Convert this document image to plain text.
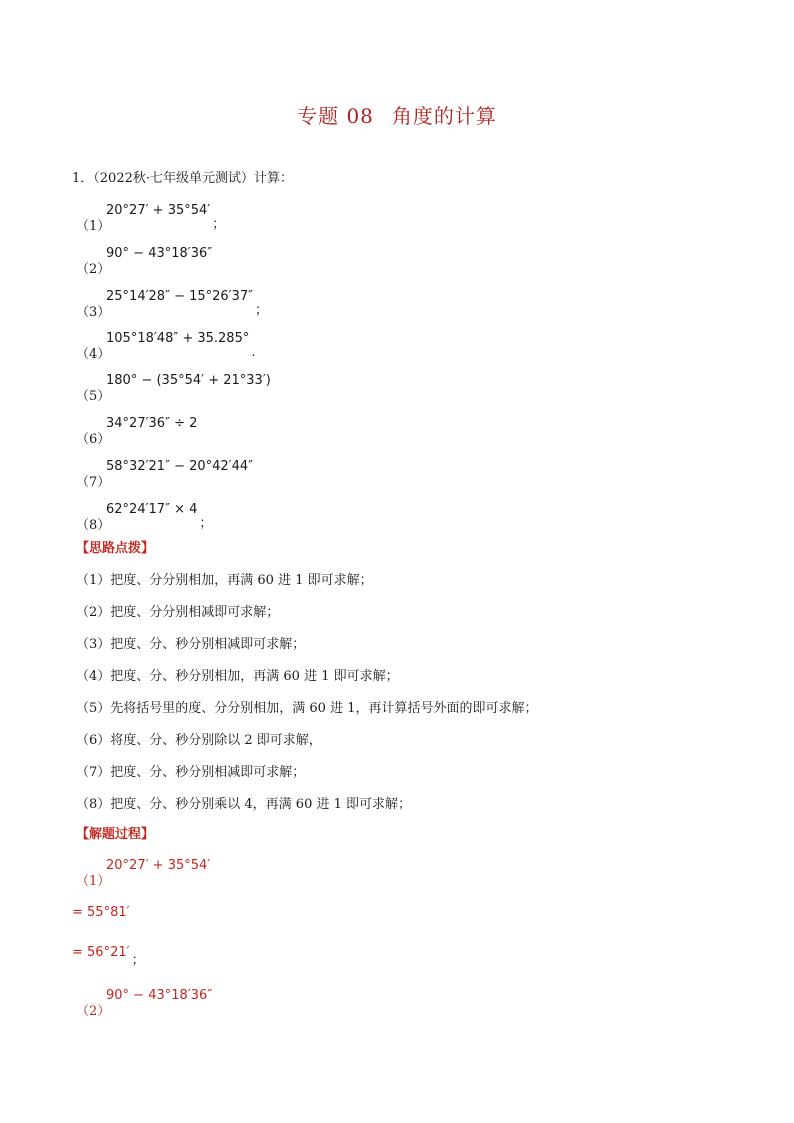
专题 08 角度的计算
1．（2022秋·七年级单元测试）计算：
（1）20°27′ + 35°54′；
（2）90° − 43°18′36″
（3）25°14′28″ − 15°26′37″；
（4）105°18′48″ + 35.285°.
（5）180° − (35°54′ + 21°33′)
（6）34°27′36″ ÷ 2
（7）58°32′21″ − 20°42′44″
（8）62°24′17″ × 4；
【思路点拨】
（1）把度、分分别相加，再满 60 进 1 即可求解；
（2）把度、分分别相减即可求解；
（3）把度、分、秒分别相减即可求解；
（4）把度、分、秒分别相加，再满 60 进 1 即可求解；
（5）先将括号里的度、分分别相加，满 60 进 1，再计算括号外面的即可求解；
（6）将度、分、秒分别除以 2 即可求解，
（7）把度、分、秒分别相减即可求解；
（8）把度、分、秒分别乘以 4，再满 60 进 1 即可求解；
【解题过程】
（1）20°27′ + 35°54′
= 55°81′
= 56°21′；
（2）90° − 43°18′36″
